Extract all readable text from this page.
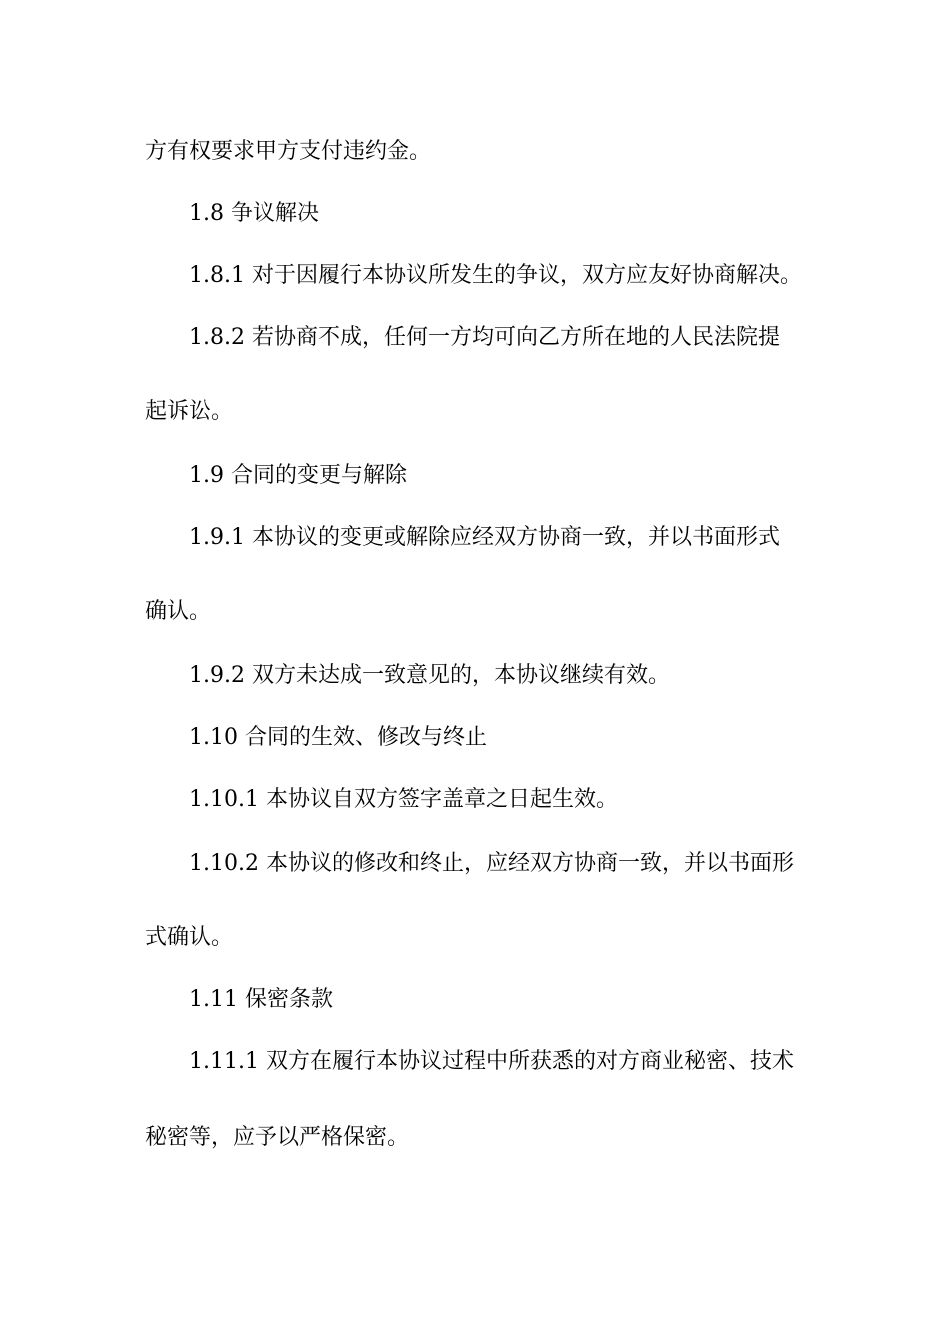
方有权要求甲方支付违约金。
1.8 争议解决
1.8.1 对于因履行本协议所发生的争议，双方应友好协商解决。
1.8.2 若协商不成，任何一方均可向乙方所在地的人民法院提
起诉讼。
1.9 合同的变更与解除
1.9.1 本协议的变更或解除应经双方协商一致，并以书面形式
确认。
1.9.2 双方未达成一致意见的，本协议继续有效。
1.10 合同的生效、修改与终止
1.10.1 本协议自双方签字盖章之日起生效。
1.10.2 本协议的修改和终止，应经双方协商一致，并以书面形
式确认。
1.11 保密条款
1.11.1 双方在履行本协议过程中所获悉的对方商业秘密、技术
秘密等，应予以严格保密。
